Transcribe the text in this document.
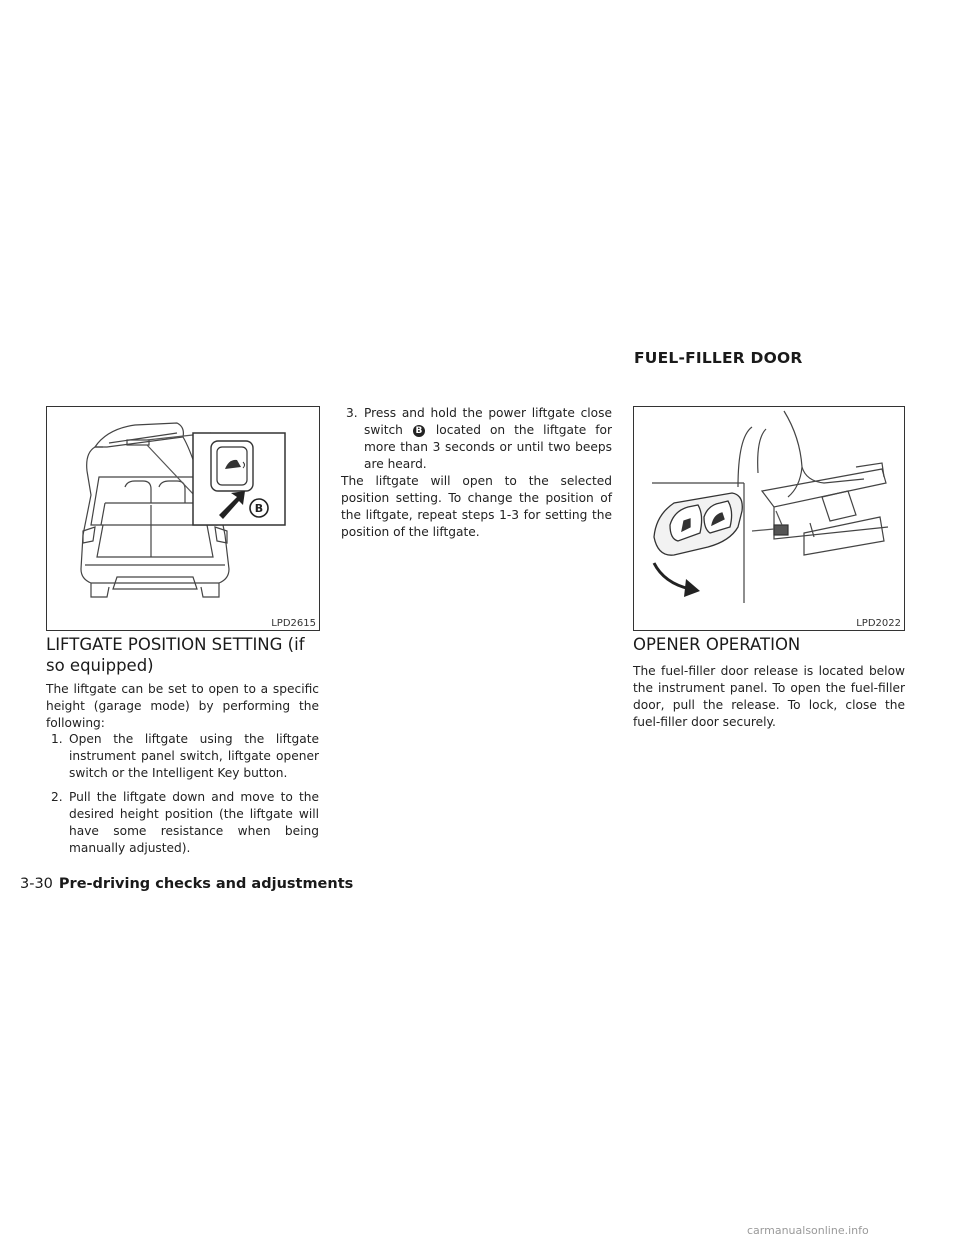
FUEL-FILLER DOOR
B
LPD2615	LPD2022
LIFTGATE POSITION SETTING (if so equipped)
The liftgate can be set to open to a specific height (garage mode) by performing the following:
1. Open the liftgate using the liftgate instrument panel switch, liftgate opener switch or the Intelligent Key button.
2. Pull the liftgate down and move to the desired height position (the liftgate will have some resistance when being manually adjusted).
3. Press and hold the power liftgate close switch B located on the liftgate for more than 3 seconds or until two beeps are heard.
The liftgate will open to the selected position setting. To change the position of the liftgate, repeat steps 1-3 for setting the position of the liftgate.
OPENER OPERATION
The fuel-filler door release is located below the instrument panel. To open the fuel-filler door, pull the release. To lock, close the fuel-filler door securely.
3-30 Pre-driving checks and adjustments
carmanualsonline.info
